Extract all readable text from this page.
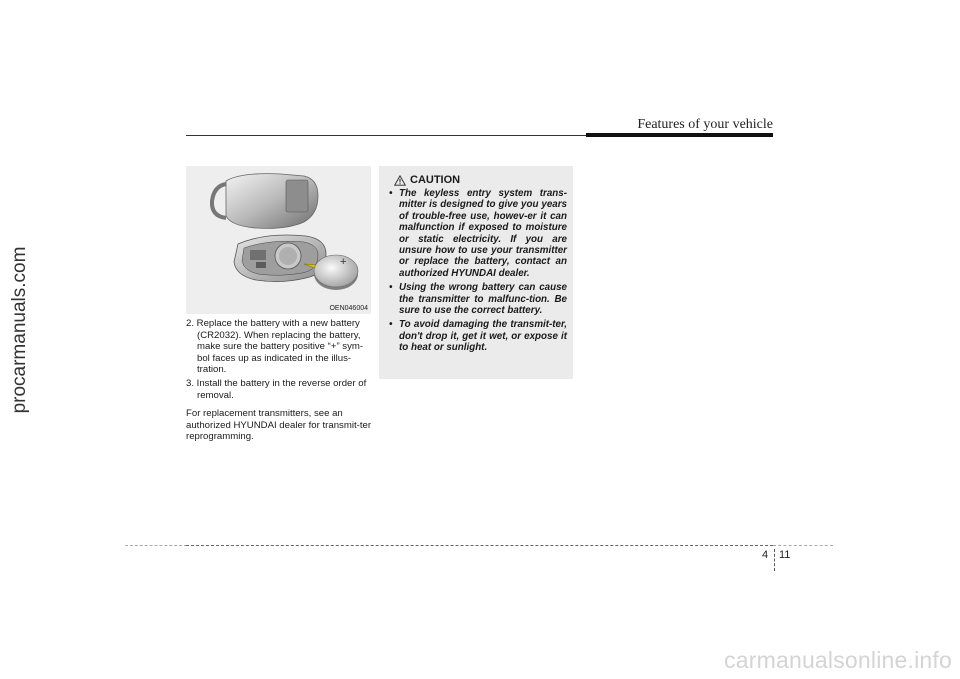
procarmanuals.com
Features of your vehicle
+
OEN046004

2. Replace the battery with a new battery (CR2032). When replacing the battery, make sure the battery positive “+” sym-bol faces up as indicated in the illus-tration.

3. Install the battery in the reverse order of removal.

For replacement transmitters, see an authorized HYUNDAI dealer for transmit-ter reprogramming.

CAUTION
• The keyless entry system trans-mitter is designed to give you years of trouble-free use, howev-er it can malfunction if exposed to moisture or static electricity. If you are unsure how to use your transmitter or replace the battery, contact an authorized HYUNDAI dealer.
• Using the wrong battery can cause the transmitter to malfunc-tion. Be sure to use the correct battery.
• To avoid damaging the transmit-ter, don't drop it, get it wet, or expose it to heat or sunlight.
4 11
carmanualsonline.info
